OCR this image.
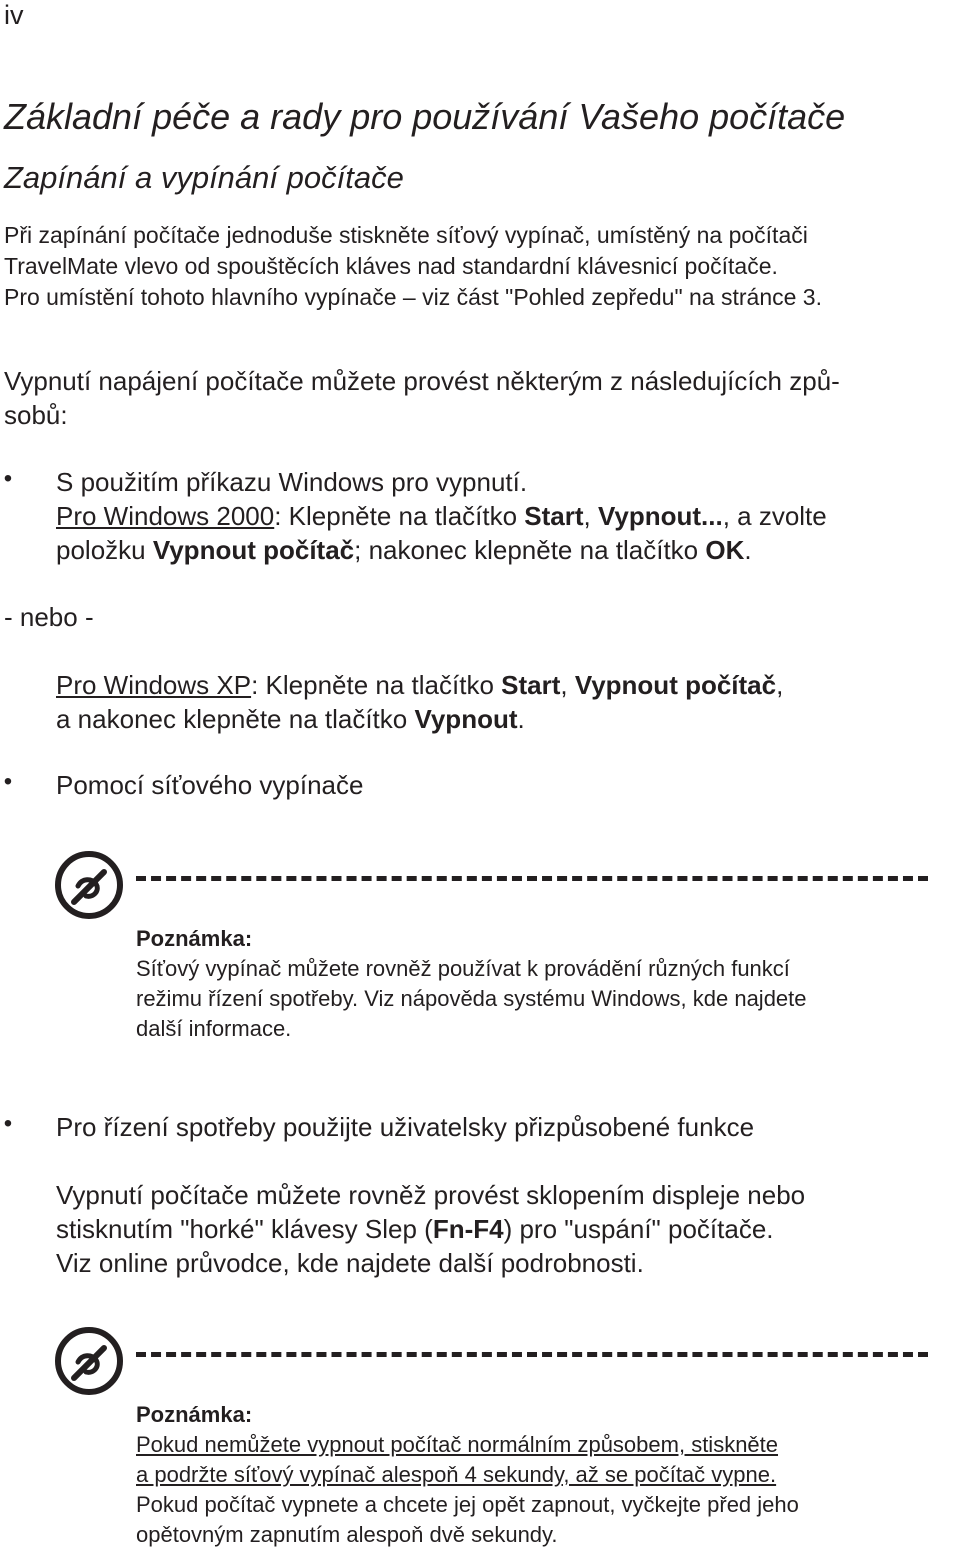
iv
Základní péče a rady pro používání Vašeho počítače
Zapínání a vypínání počítače

Při zapínání počítače jednoduše stiskněte síťový vypínač, umístěný na počítači

TravelMate vlevo od spouštěcích kláves nad standardní klávesnicí počítače.

Pro umístění tohoto hlavního vypínače – viz část "Pohled zepředu" na stránce 3.

Vypnutí napájení počítače můžete provést některým z následujících způ-

sobů:

• S použitím příkazu Windows pro vypnutí.

Pro Windows 2000: Klepněte na tlačítko Start, Vypnout..., a zvolte

položku Vypnout počítač; nakonec klepněte na tlačítko OK.

- nebo -

Pro Windows XP: Klepněte na tlačítko Start, Vypnout počítač,

a nakonec klepněte na tlačítko Vypnout.

• Pomocí síťového vypínače

Poznámka:

Síťový vypínač můžete rovněž používat k provádění různých funkcí

režimu řízení spotřeby. Viz nápověda systému Windows, kde najdete

další informace.

• Pro řízení spotřeby použijte uživatelsky přizpůsobené funkce

Vypnutí počítače můžete rovněž provést sklopením displeje nebo

stisknutím "horké" klávesy Slep (Fn-F4) pro "uspání" počítače.

Viz online průvodce, kde najdete další podrobnosti.

Poznámka:

Pokud nemůžete vypnout počítač normálním způsobem, stiskněte

a podržte síťový vypínač alespoň 4 sekundy, až se počítač vypne.

Pokud počítač vypnete a chcete jej opět zapnout, vyčkejte před jeho

opětovným zapnutím alespoň dvě sekundy.
